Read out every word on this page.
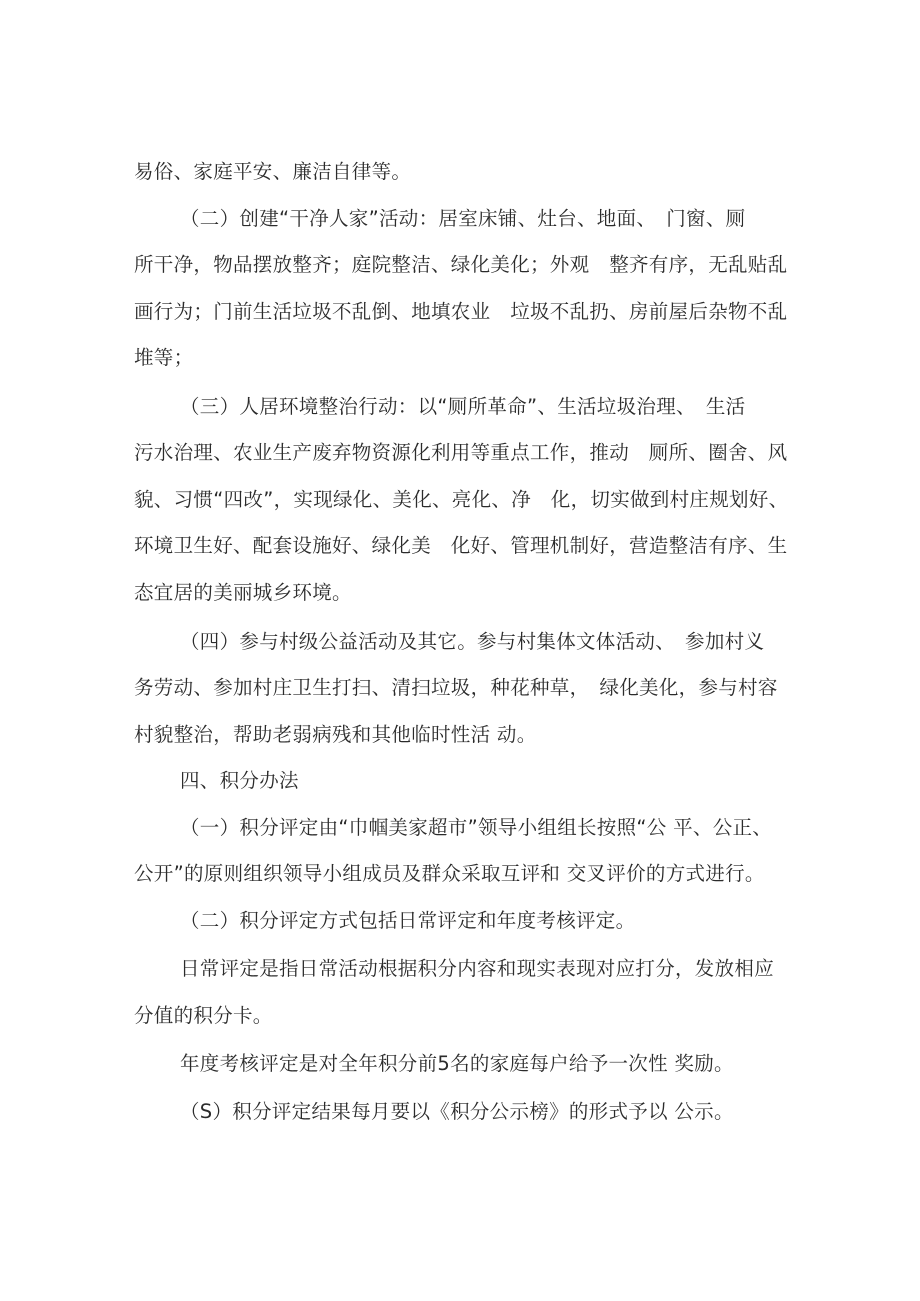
易俗、家庭平安、廉洁自律等。
（二）创建“干净人家”活动：居室床铺、灶台、地面、　门窗、厕
所干净，物品摆放整齐；庭院整洁、绿化美化；外观　整齐有序，无乱贴乱
画行为；门前生活垃圾不乱倒、地填农业　垃圾不乱扔、房前屋后杂物不乱
堆等；
（三）人居环境整治行动：以“厕所革命”、生活垃圾治理、　生活
污水治理、农业生产废弃物资源化利用等重点工作，推动　厕所、圈舍、风
貌、习惯“四改”，实现绿化、美化、亮化、净　化，切实做到村庄规划好、
环境卫生好、配套设施好、绿化美　化好、管理机制好，营造整洁有序、生
态宜居的美丽城乡环境。
（四）参与村级公益活动及其它。参与村集体文体活动、　参加村义
务劳动、参加村庄卫生打扫、清扫垃圾，种花种草，　绿化美化，参与村容
村貌整治，帮助老弱病残和其他临时性活 动。
四、积分办法
（一）积分评定由“巾帼美家超市”领导小组组长按照“公 平、公正、
公开”的原则组织领导小组成员及群众采取互评和 交叉评价的方式进行。
（二）积分评定方式包括日常评定和年度考核评定。
日常评定是指日常活动根据积分内容和现实表现对应打分，发放相应
分值的积分卡。
年度考核评定是对全年积分前5名的家庭每户给予一次性 奖励。
（S）积分评定结果每月要以《积分公示榜》的形式予以 公示。
